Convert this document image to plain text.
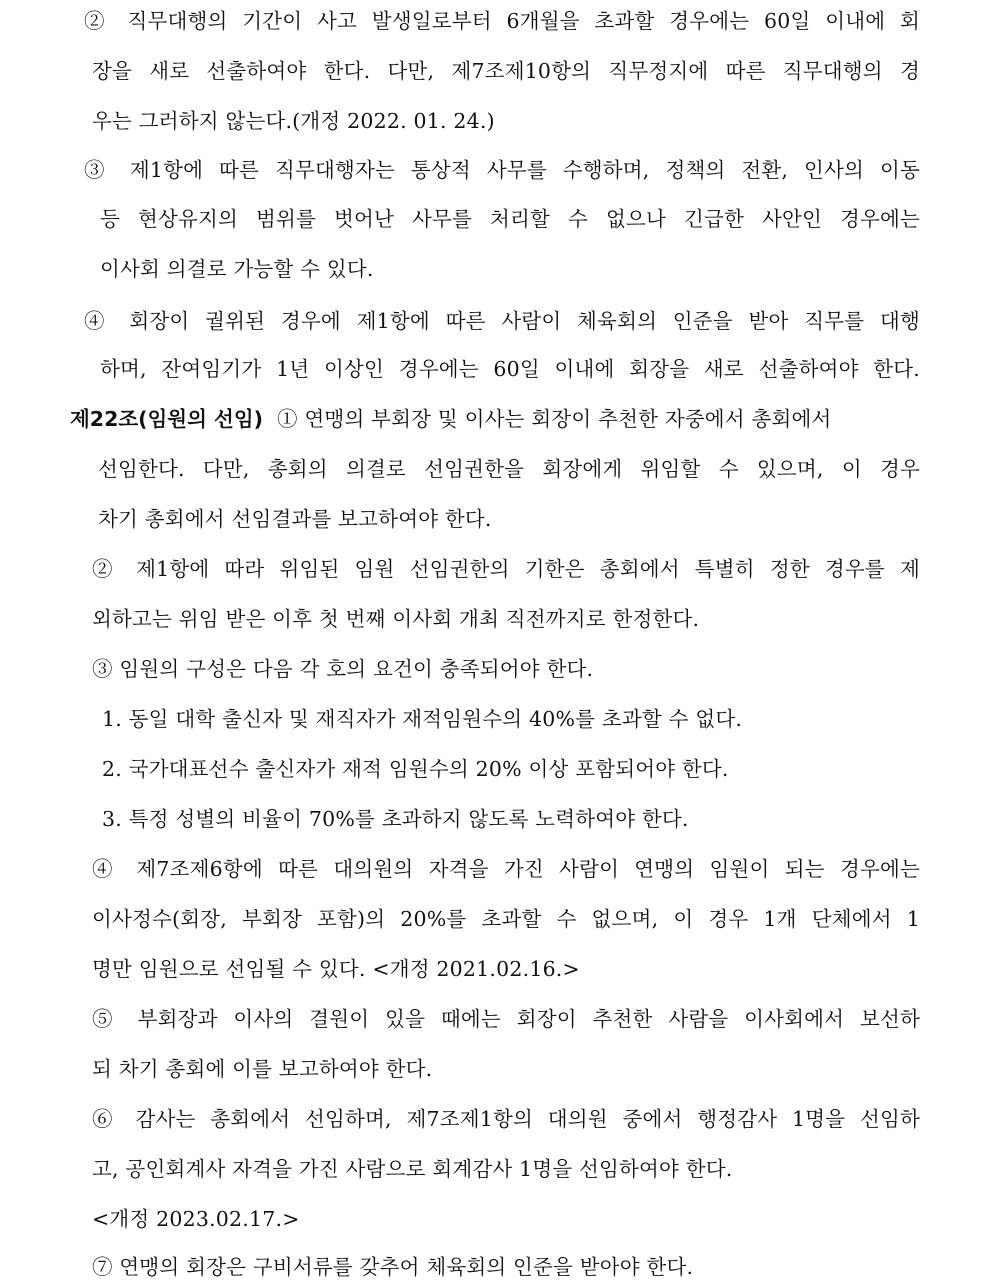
② 직무대행의 기간이 사고 발생일로부터 6개월을 초과할 경우에는 60일 이내에 회
장을 새로 선출하여야 한다. 다만, 제7조제10항의 직무정지에 따른 직무대행의 경
우는 그러하지 않는다.(개정 2022. 01. 24.)
③ 제1항에 따른 직무대행자는 통상적 사무를 수행하며, 정책의 전환, 인사의 이동
등 현상유지의 범위를 벗어난 사무를 처리할 수 없으나 긴급한 사안인 경우에는
이사회 의결로 가능할 수 있다.
④ 회장이 궐위된 경우에 제1항에 따른 사람이 체육회의 인준을 받아 직무를 대행
하며, 잔여임기가 1년 이상인 경우에는 60일 이내에 회장을 새로 선출하여야 한다.
제22조(임원의 선임) ① 연맹의 부회장 및 이사는 회장이 추천한 자중에서 총회에서
선임한다. 다만, 총회의 의결로 선임권한을 회장에게 위임할 수 있으며, 이 경우
차기 총회에서 선임결과를 보고하여야 한다.
② 제1항에 따라 위임된 임원 선임권한의 기한은 총회에서 특별히 정한 경우를 제
외하고는 위임 받은 이후 첫 번째 이사회 개최 직전까지로 한정한다.
③ 임원의 구성은 다음 각 호의 요건이 충족되어야 한다.
1. 동일 대학 출신자 및 재직자가 재적임원수의 40%를 초과할 수 없다.
2. 국가대표선수 출신자가 재적 임원수의 20% 이상 포함되어야 한다.
3. 특정 성별의 비율이 70%를 초과하지 않도록 노력하여야 한다.
④ 제7조제6항에 따른 대의원의 자격을 가진 사람이 연맹의 임원이 되는 경우에는
이사정수(회장, 부회장 포함)의 20%를 초과할 수 없으며, 이 경우 1개 단체에서 1
명만 임원으로 선임될 수 있다. <개정 2021.02.16.>
⑤ 부회장과 이사의 결원이 있을 때에는 회장이 추천한 사람을 이사회에서 보선하
되 차기 총회에 이를 보고하여야 한다.
⑥ 감사는 총회에서 선임하며, 제7조제1항의 대의원 중에서 행정감사 1명을 선임하
고, 공인회계사 자격을 가진 사람으로 회계감사 1명을 선임하여야 한다.
<개정 2023.02.17.>
⑦ 연맹의 회장은 구비서류를 갖추어 체육회의 인준을 받아야 한다.
